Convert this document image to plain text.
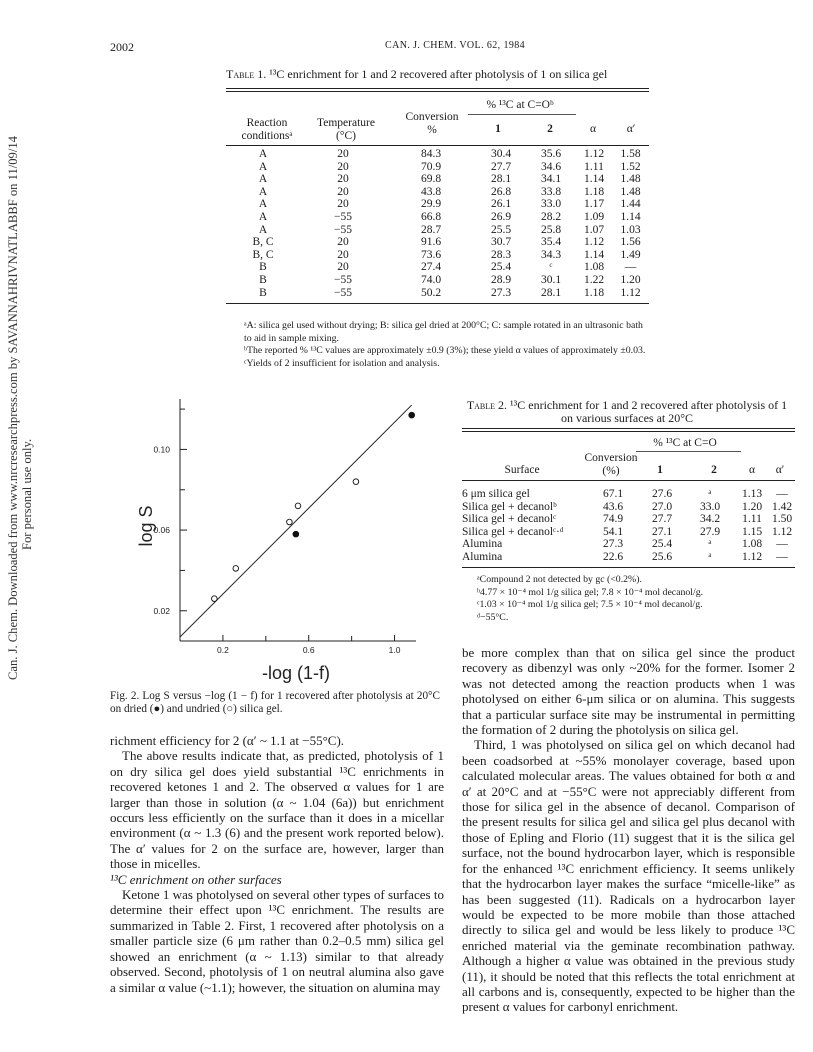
Can. J. Chem. Downloaded from www.nrcresearchpress.com by SAVANNAHRIVNATLABBF on 11/09/14 For personal use only.
2002	CAN. J. CHEM. VOL. 62, 1984
Table 1. ¹³C enrichment for 1 and 2 recovered after photolysis of 1 on silica gel
% ¹³C at C=Oᵇ
Reaction
conditionsᵃ
Temperature
(°C)
Conversion
%	1	2	α	α′
A	20	84.3	30.4	35.6	1.12	1.58
A	20	70.9	27.7	34.6	1.11	1.52
A	20	69.8	28.1	34.1	1.14	1.48
A	20	43.8	26.8	33.8	1.18	1.48
A	20	29.9	26.1	33.0	1.17	1.44
A	−55	66.8	26.9	28.2	1.09	1.14
A	−55	28.7	25.5	25.8	1.07	1.03
B, C	20	91.6	30.7	35.4	1.12	1.56
B, C	20	73.6	28.3	34.3	1.14	1.49
B	20	27.4	25.4	ᶜ	1.08	—
B	−55	74.0	28.9	30.1	1.22	1.20
B	−55	50.2	27.3	28.1	1.18	1.12
ᵃA: silica gel used without drying; B: silica gel dried at 200°C; C: sample rotated in an ultrasonic bath to aid in sample mixing.
ᵇThe reported % ¹³C values are approximately ±0.9 (3%); these yield α values of approximately ±0.03.
ᶜYields of 2 insufficient for isolation and analysis.
0.02
0.06
0.10
0.2	0.6	1.0
-log (1-f)
log S
Fig. 2. Log S versus −log (1 − f) for 1 recovered after photolysis at 20°C on dried (●) and undried (○) silica gel.
Table 2. ¹³C enrichment for 1 and 2 recovered after photolysis of 1
on various surfaces at 20°C
% ¹³C at C=O
Surface
Conversion
(%)	1	2	α	α′
6 μm silica gel	67.1	27.6	ᵃ	1.13	—
Silica gel + decanolᵇ	43.6	27.0	33.0	1.20	1.42
Silica gel + decanolᶜ	74.9	27.7	34.2	1.11	1.50
Silica gel + decanolᶜ·ᵈ	54.1	27.1	27.9	1.15	1.12
Alumina	27.3	25.4	ᵃ	1.08	—
Alumina	22.6	25.6	ᵃ	1.12	—
ᵃCompound 2 not detected by gc (<0.2%).
ᵇ4.77 × 10⁻⁴ mol 1/g silica gel; 7.8 × 10⁻⁴ mol decanol/g.
ᶜ1.03 × 10⁻⁴ mol 1/g silica gel; 7.5 × 10⁻⁴ mol decanol/g.
ᵈ−55°C.

richment efficiency for 2 (α′ ~ 1.1 at −55°C).

The above results indicate that, as predicted, photolysis of 1 on dry silica gel does yield substantial ¹³C enrichments in recovered ketones 1 and 2. The observed α values for 1 are larger than those in solution (α ~ 1.04 (6a)) but enrichment occurs less efficiently on the surface than it does in a micellar environment (α ~ 1.3 (6) and the present work reported below). The α′ values for 2 on the surface are, however, larger than those in micelles.

¹³C enrichment on other surfaces

Ketone 1 was photolysed on several other types of surfaces to determine their effect upon ¹³C enrichment. The results are summarized in Table 2. First, 1 recovered after photolysis on a smaller particle size (6 μm rather than 0.2–0.5 mm) silica gel showed an enrichment (α ~ 1.13) similar to that already observed. Second, photolysis of 1 on neutral alumina also gave a similar α value (~1.1); however, the situation on alumina may

be more complex than that on silica gel since the product recovery as dibenzyl was only ~20% for the former. Isomer 2 was not detected among the reaction products when 1 was photolysed on either 6-μm silica or on alumina. This suggests that a particular surface site may be instrumental in permitting the formation of 2 during the photolysis on silica gel.

Third, 1 was photolysed on silica gel on which decanol had been coadsorbed at ~55% monolayer coverage, based upon calculated molecular areas. The values obtained for both α and α′ at 20°C and at −55°C were not appreciably different from those for silica gel in the absence of decanol. Comparison of the present results for silica gel and silica gel plus decanol with those of Epling and Florio (11) suggest that it is the silica gel surface, not the bound hydrocarbon layer, which is responsible for the enhanced ¹³C enrichment efficiency. It seems unlikely that the hydrocarbon layer makes the surface “micelle-like” as has been suggested (11). Radicals on a hydrocarbon layer would be expected to be more mobile than those attached directly to silica gel and would be less likely to produce ¹³C enriched material via the geminate recombination pathway. Although a higher α value was obtained in the previous study (11), it should be noted that this reflects the total enrichment at all carbons and is, consequently, expected to be higher than the present α values for carbonyl enrichment.
